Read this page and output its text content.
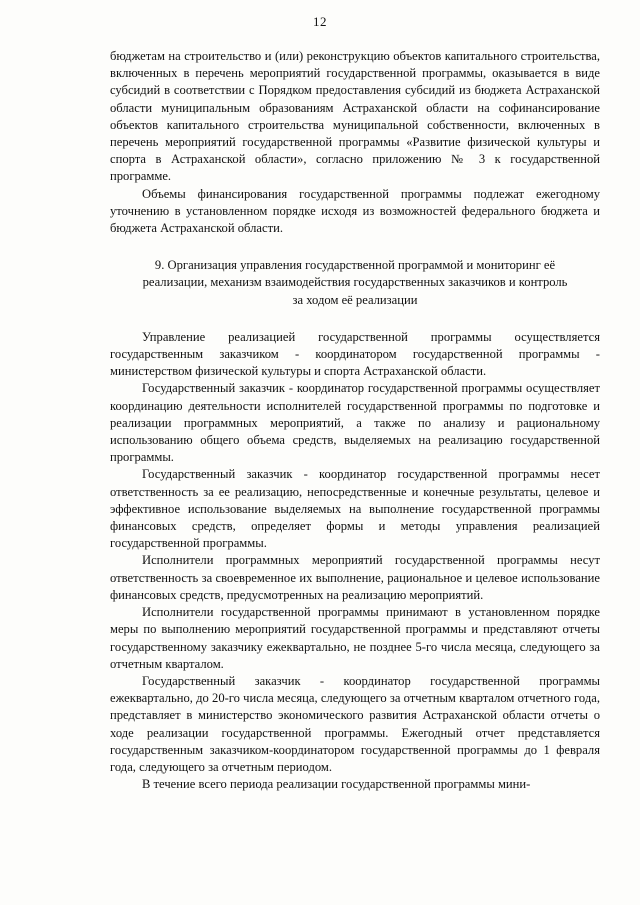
12

бюджетам на строительство и (или) реконструкцию объектов капитального строительства, включенных в перечень мероприятий государственной программы, оказывается в виде субсидий в соответствии с Порядком предоставления субсидий из бюджета Астраханской области муниципальным образованиям Астраханской области на софинансирование объектов капитального строительства муниципальной собственности, включенных в перечень мероприятий государственной программы «Развитие физической культуры и спорта в Астраханской области», согласно приложению № 3 к государственной программе.

Объемы финансирования государственной программы подлежат ежегодному уточнению в установленном порядке исходя из возможностей федерального бюджета и бюджета Астраханской области.

9. Организация управления государственной программой и мониторинг её реализации, механизм взаимодействия государственных заказчиков и контроль за ходом её реализации

Управление реализацией государственной программы осуществляется государственным заказчиком - координатором государственной программы - министерством физической культуры и спорта Астраханской области.

Государственный заказчик - координатор государственной программы осуществляет координацию деятельности исполнителей государственной программы по подготовке и реализации программных мероприятий, а также по анализу и рациональному использованию общего объема средств, выделяемых на реализацию государственной программы.

Государственный заказчик - координатор государственной программы несет ответственность за ее реализацию, непосредственные и конечные результаты, целевое и эффективное использование выделяемых на выполнение государственной программы финансовых средств, определяет формы и методы управления реализацией государственной программы.

Исполнители программных мероприятий государственной программы несут ответственность за своевременное их выполнение, рациональное и целевое использование финансовых средств, предусмотренных на реализацию мероприятий.

Исполнители государственной программы принимают в установленном порядке меры по выполнению мероприятий государственной программы и представляют отчеты государственному заказчику ежеквартально, не позднее 5-го числа месяца, следующего за отчетным кварталом.

Государственный заказчик - координатор государственной программы ежеквартально, до 20-го числа месяца, следующего за отчетным кварталом отчетного года, представляет в министерство экономического развития Астраханской области отчеты о ходе реализации государственной программы. Ежегодный отчет представляется государственным заказчиком-координатором государственной программы до 1 февраля года, следующего за отчетным периодом.

В течение всего периода реализации государственной программы мини-
